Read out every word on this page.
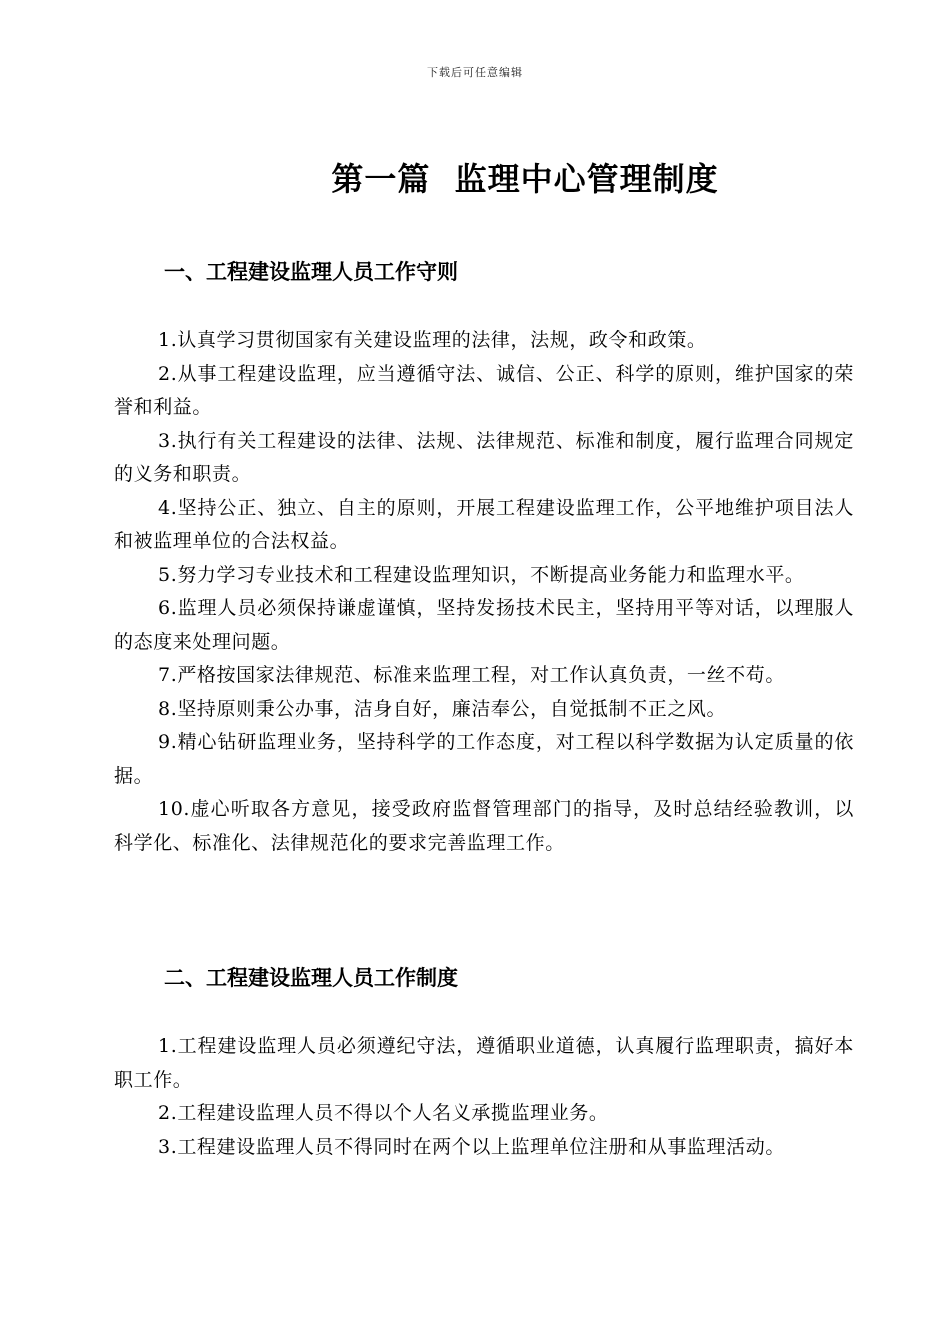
下载后可任意编辑
第一篇  监理中心管理制度
一、工程建设监理人员工作守则

1.认真学习贯彻国家有关建设监理的法律，法规，政令和政策。

2.从事工程建设监理，应当遵循守法、诚信、公正、科学的原则，维护国家的荣誉和利益。

3.执行有关工程建设的法律、法规、法律规范、标准和制度，履行监理合同规定的义务和职责。

4.坚持公正、独立、自主的原则，开展工程建设监理工作，公平地维护项目法人和被监理单位的合法权益。

5.努力学习专业技术和工程建设监理知识，不断提高业务能力和监理水平。

6.监理人员必须保持谦虚谨慎，坚持发扬技术民主，坚持用平等对话，以理服人的态度来处理问题。

7.严格按国家法律规范、标准来监理工程，对工作认真负责，一丝不苟。

8.坚持原则秉公办事，洁身自好，廉洁奉公，自觉抵制不正之风。

9.精心钻研监理业务，坚持科学的工作态度，对工程以科学数据为认定质量的依据。

10.虚心听取各方意见，接受政府监督管理部门的指导，及时总结经验教训，以科学化、标准化、法律规范化的要求完善监理工作。

二、工程建设监理人员工作制度

1.工程建设监理人员必须遵纪守法，遵循职业道德，认真履行监理职责，搞好本职工作。

2.工程建设监理人员不得以个人名义承揽监理业务。

3.工程建设监理人员不得同时在两个以上监理单位注册和从事监理活动。
